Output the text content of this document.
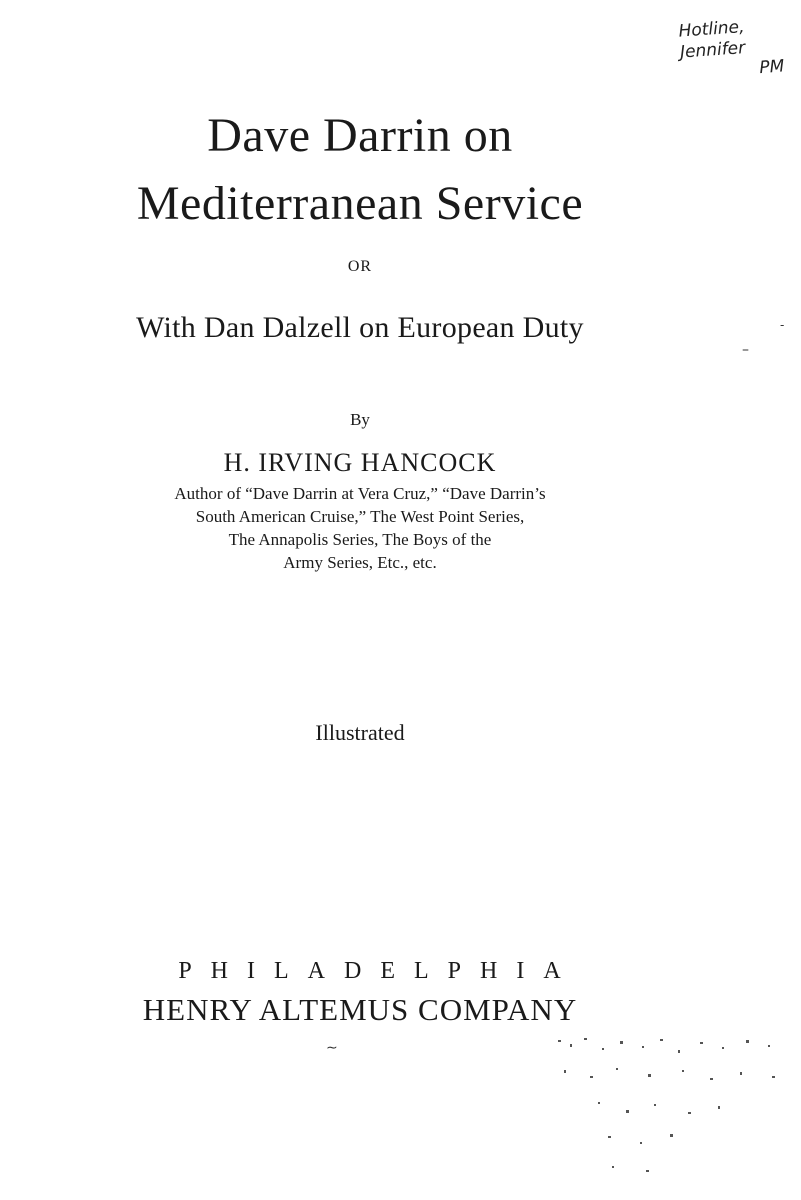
Hotline,
Jennifer
PM
Dave Darrin on
Mediterranean Service
OR
With Dan Dalzell on European Duty
By
H. IRVING HANCOCK
Author of “Dave Darrin at Vera Cruz,” “Dave Darrin’s
South American Cruise,” The West Point Series,
The Annapolis Series, The Boys of the
Army Series, Etc., etc.
Illustrated
PHILADELPHIA
HENRY ALTEMUS COMPANY
–
-
∼
